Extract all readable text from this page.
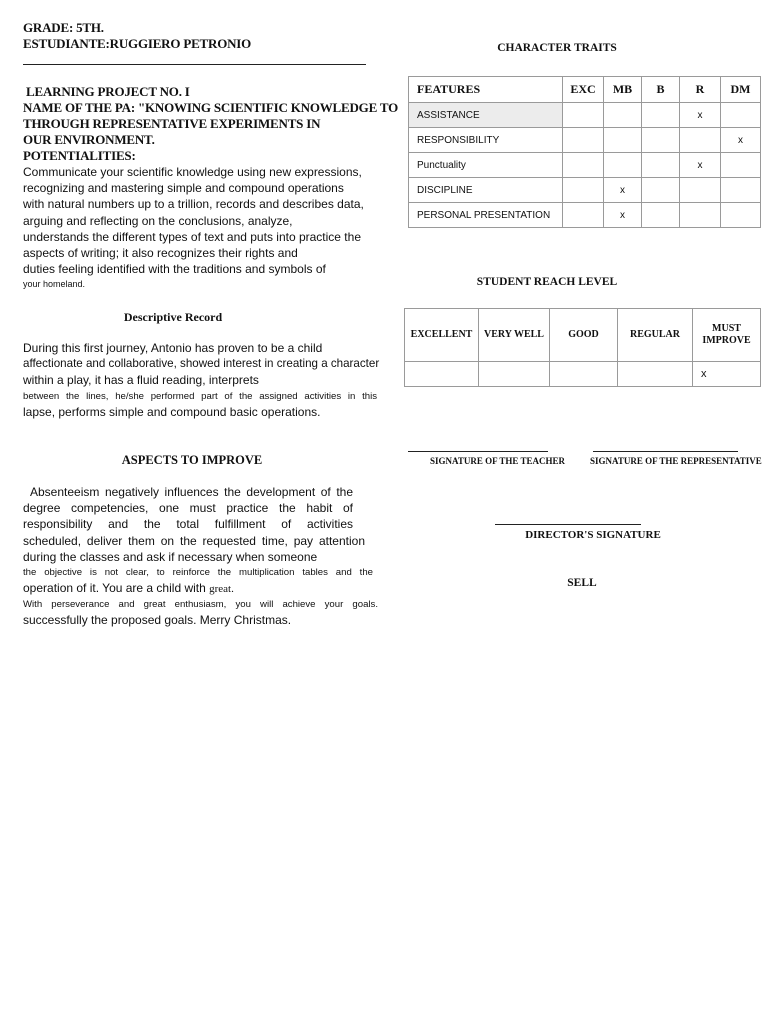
GRADE: 5TH.
ESTUDIANTE:RUGGIERO PETRONIO
LEARNING PROJECT NO. I
NAME OF THE PA: "KNOWING SCIENTIFIC KNOWLEDGE TO
THROUGH REPRESENTATIVE EXPERIMENTS IN
OUR ENVIRONMENT.
POTENTIALITIES:
Communicate your scientific knowledge using new expressions,
recognizing and mastering simple and compound operations
with natural numbers up to a trillion, records and describes data,
arguing and reflecting on the conclusions, analyze,
understands the different types of text and puts into practice the
aspects of writing; it also recognizes their rights and
duties feeling identified with the traditions and symbols of
your homeland.
Descriptive Record
During this first journey, Antonio has proven to be a child
affectionate and collaborative, showed interest in creating a character
within a play, it has a fluid reading, interprets
between the lines, he/she performed part of the assigned activities in this
lapse, performs simple and compound basic operations.
ASPECTS TO IMPROVE
Absenteeism negatively influences the development of the
degree competencies, one must practice the habit of
responsibility and the total fulfillment of activities
scheduled, deliver them on the requested time, pay attention
during the classes and ask if necessary when someone
the objective is not clear, to reinforce the multiplication tables and the
operation of it. You are a child with great.
With perseverance and great enthusiasm, you will achieve your goals.
successfully the proposed goals. Merry Christmas.
CHARACTER TRAITS
FEATURES	EXC	MB	B	R	DM
ASSISTANCE				x	
RESPONSIBILITY					x
Punctuality				x	
DISCIPLINE		x			
PERSONAL PRESENTATION		x			
STUDENT REACH LEVEL
EXCELLENT	VERY WELL	GOOD	REGULAR	MUST IMPROVE
				x
SIGNATURE OF THE TEACHER	SIGNATURE OF THE REPRESENTATIVE
DIRECTOR'S SIGNATURE
SELL
